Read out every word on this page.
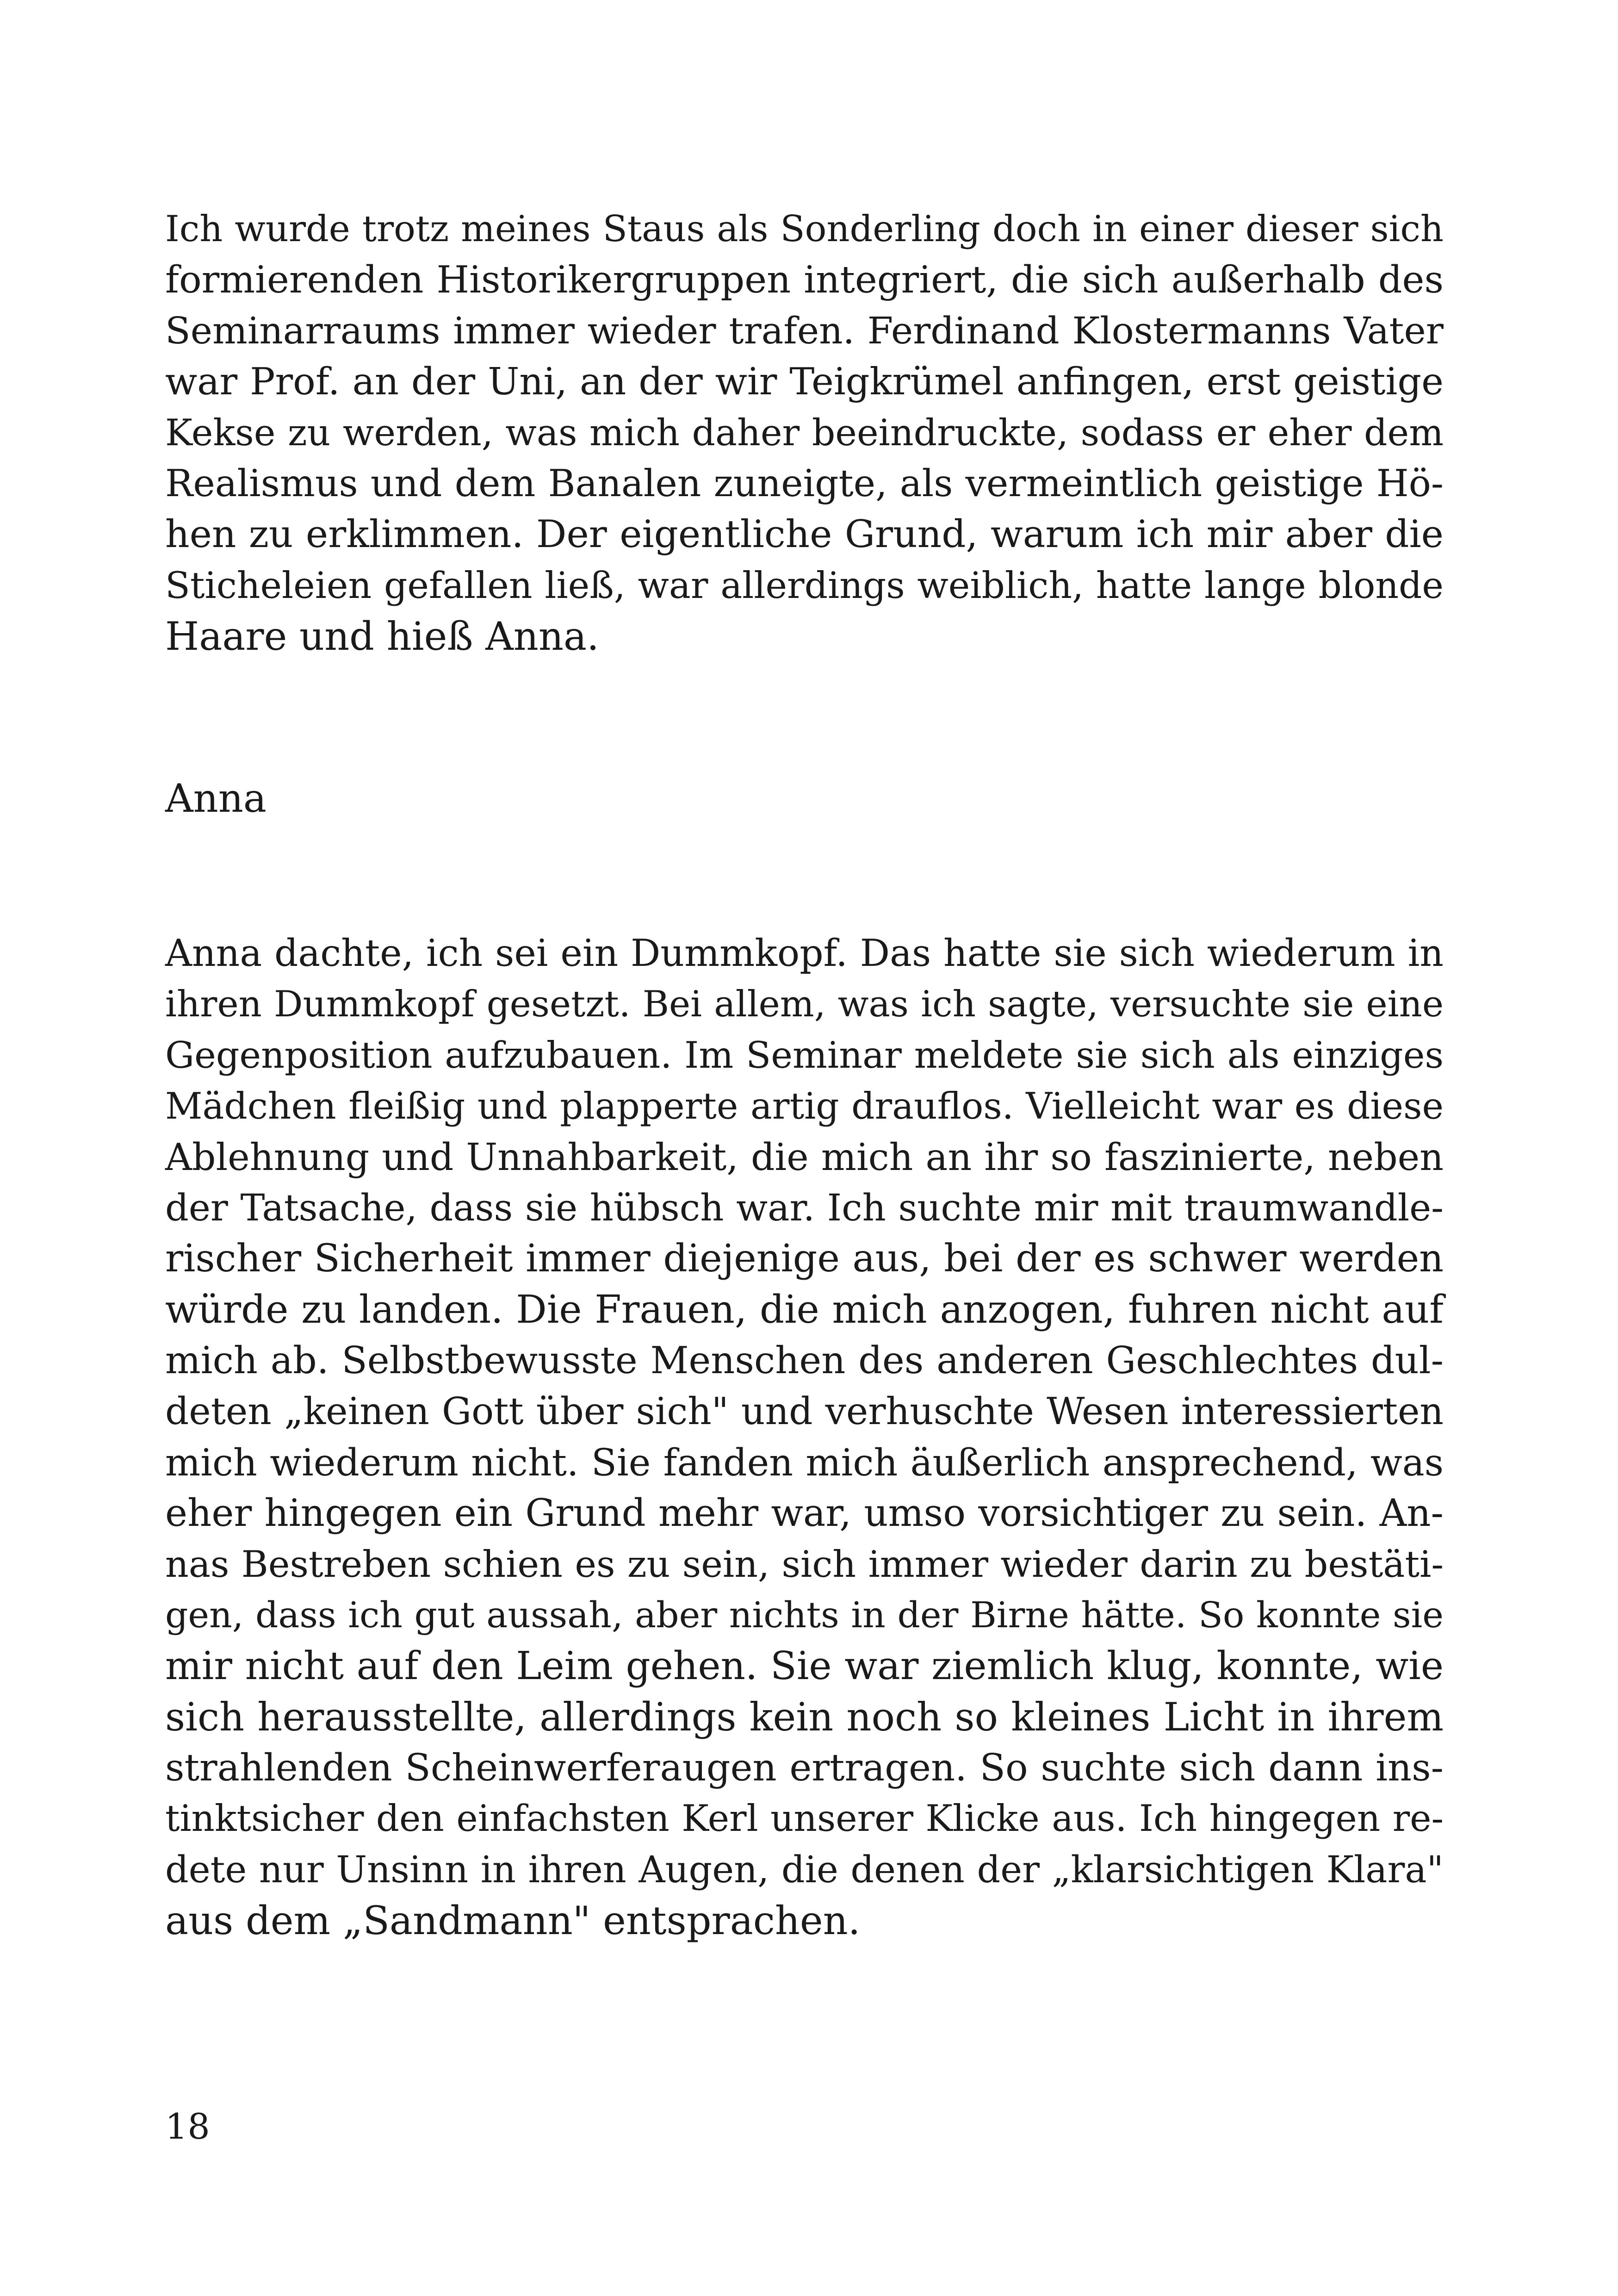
Ich wurde trotz meines Staus als Sonderling doch in einer dieser sich
formierenden Historikergruppen integriert, die sich außerhalb des
Seminarraums immer wieder trafen. Ferdinand Klostermanns Vater
war Prof. an der Uni, an der wir Teigkrümel anfingen, erst geistige
Kekse zu werden, was mich daher beeindruckte, sodass er eher dem
Realismus und dem Banalen zuneigte, als vermeintlich geistige Hö-
hen zu erklimmen. Der eigentliche Grund, warum ich mir aber die
Sticheleien gefallen ließ, war allerdings weiblich, hatte lange blonde
Haare und hieß Anna.
Anna
Anna dachte, ich sei ein Dummkopf. Das hatte sie sich wiederum in
ihren Dummkopf gesetzt. Bei allem, was ich sagte, versuchte sie eine
Gegenposition aufzubauen. Im Seminar meldete sie sich als einziges
Mädchen fleißig und plapperte artig drauflos. Vielleicht war es diese
Ablehnung und Unnahbarkeit, die mich an ihr so faszinierte, neben
der Tatsache, dass sie hübsch war. Ich suchte mir mit traumwandle-
rischer Sicherheit immer diejenige aus, bei der es schwer werden
würde zu landen. Die Frauen, die mich anzogen, fuhren nicht auf
mich ab. Selbstbewusste Menschen des anderen Geschlechtes dul-
deten „keinen Gott über sich" und verhuschte Wesen interessierten
mich wiederum nicht. Sie fanden mich äußerlich ansprechend, was
eher hingegen ein Grund mehr war, umso vorsichtiger zu sein. An-
nas Bestreben schien es zu sein, sich immer wieder darin zu bestäti-
gen, dass ich gut aussah, aber nichts in der Birne hätte. So konnte sie
mir nicht auf den Leim gehen. Sie war ziemlich klug, konnte, wie
sich herausstellte, allerdings kein noch so kleines Licht in ihrem
strahlenden Scheinwerferaugen ertragen. So suchte sich dann ins-
tinktsicher den einfachsten Kerl unserer Klicke aus. Ich hingegen re-
dete nur Unsinn in ihren Augen, die denen der „klarsichtigen Klara"
aus dem „Sandmann" entsprachen.
18
